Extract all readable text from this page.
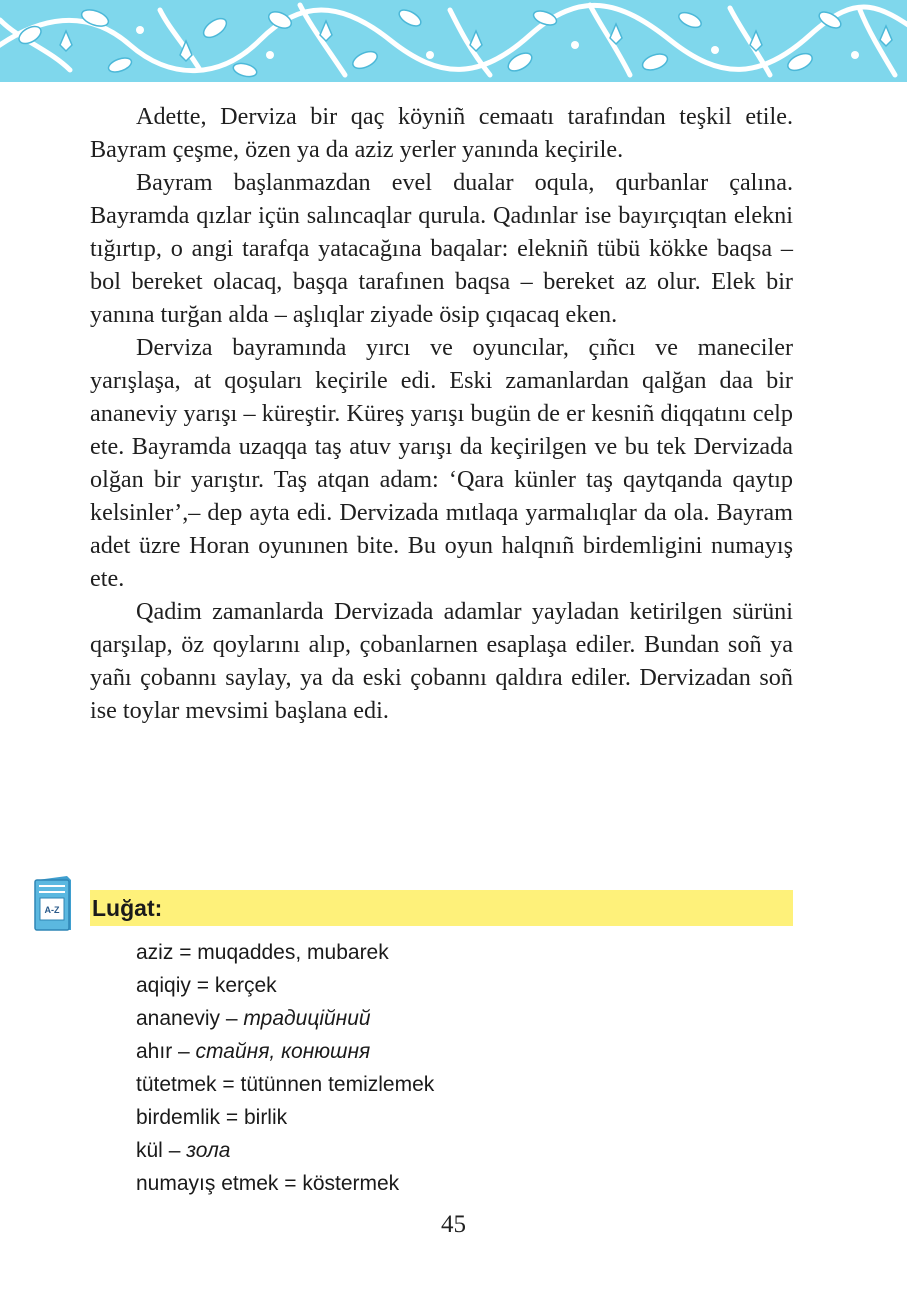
Adette, Derviza bir qaç köyniñ cemaatı tarafından teşkil etile. Bayram çeşme, özen ya da aziz yerler yanında keçirile.

Bayram başlanmazdan evel dualar oqula, qurbanlar çalına. Bayramda qızlar içün salıncaqlar qurula. Qadınlar ise bayırçıqtan elekni tığırtıp, o angi tarafqa yatacağına baqalar: elekniñ tübü kökke baqsa – bol bereket olacaq, başqa tarafınen baqsa – bereket az olur. Elek bir yanına turğan alda – aşlıqlar ziyade ösip çıqacaq eken.

Derviza bayramında yırcı ve oyuncılar, çıñcı ve maneciler yarışlaşa, at qoşuları keçirile edi. Eski zamanlardan qalğan daa bir ananeviy yarışı – küreştir. Küreş yarışı bugün de er kesniñ diqqatını celp ete. Bayramda uzaqqa taş atuv yarışı da keçirilgen ve bu tek Dervizada olğan bir yarıştır. Taş atqan adam: ‘Qara künler taş qaytqanda qaytıp kelsinler’,– dep ayta edi. Dervizada mıtlaqa yarmalıqlar da ola. Bayram adet üzre Horan oyunınen bite. Bu oyun halqnıñ birdemligini numayış ete.

Qadim zamanlarda Dervizada adamlar yayladan ketirilgen sürüni qarşılap, öz qoylarını alıp, çobanlarnen esaplaşa ediler. Bundan soñ ya yañı çobannı saylay, ya da eski çobannı qaldıra ediler. Dervizadan soñ ise toylar mevsimi başlana edi.

A-Z Luğat:
aziz = muqaddes, mubarek
aqiqiy = kerçek
ananeviy – традиційний
ahır – стайня, конюшня
tütetmek = tütünnen temizlemek
birdemlik = birlik
kül – зола
numayış etmek = köstermek
45
